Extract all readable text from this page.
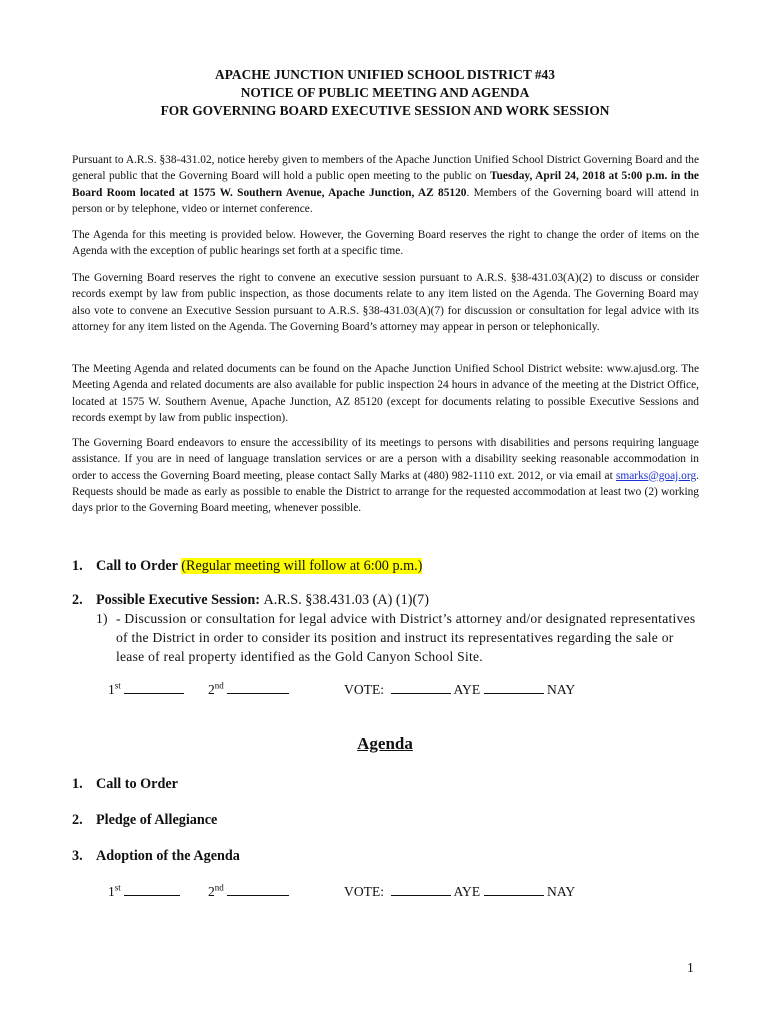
APACHE JUNCTION UNIFIED SCHOOL DISTRICT #43
NOTICE OF PUBLIC MEETING AND AGENDA
FOR GOVERNING BOARD EXECUTIVE SESSION AND WORK SESSION
Pursuant to A.R.S. §38-431.02, notice hereby given to members of the Apache Junction Unified School District Governing Board and the general public that the Governing Board will hold a public open meeting to the public on Tuesday, April 24, 2018 at 5:00 p.m. in the Board Room located at 1575 W. Southern Avenue, Apache Junction, AZ 85120. Members of the Governing board will attend in person or by telephone, video or internet conference.
The Agenda for this meeting is provided below. However, the Governing Board reserves the right to change the order of items on the Agenda with the exception of public hearings set forth at a specific time.
The Governing Board reserves the right to convene an executive session pursuant to A.R.S. §38-431.03(A)(2) to discuss or consider records exempt by law from public inspection, as those documents relate to any item listed on the Agenda. The Governing Board may also vote to convene an Executive Session pursuant to A.R.S. §38-431.03(A)(7) for discussion or consultation for legal advice with its attorney for any item listed on the Agenda. The Governing Board’s attorney may appear in person or telephonically.
The Meeting Agenda and related documents can be found on the Apache Junction Unified School District website: www.ajusd.org. The Meeting Agenda and related documents are also available for public inspection 24 hours in advance of the meeting at the District Office, located at 1575 W. Southern Avenue, Apache Junction, AZ 85120 (except for documents relating to possible Executive Sessions and records exempt by law from public inspection).
The Governing Board endeavors to ensure the accessibility of its meetings to persons with disabilities and persons requiring language assistance. If you are in need of language translation services or are a person with a disability seeking reasonable accommodation in order to access the Governing Board meeting, please contact Sally Marks at (480) 982-1110 ext. 2012, or via email at smarks@goaj.org. Requests should be made as early as possible to enable the District to arrange for the requested accommodation at least two (2) working days prior to the Governing Board meeting, whenever possible.
1. Call to Order (Regular meeting will follow at 6:00 p.m.)
2. Possible Executive Session: A.R.S. §38.431.03 (A) (1)(7)
1) - Discussion or consultation for legal advice with District’s attorney and/or designated representatives of the District in order to consider its position and instruct its representatives regarding the sale or lease of real property identified as the Gold Canyon School Site.
1st	2nd	VOTE:	AYE	NAY
Agenda
1. Call to Order
2. Pledge of Allegiance
3. Adoption of the Agenda
1st	2nd	VOTE:	AYE	NAY
1
